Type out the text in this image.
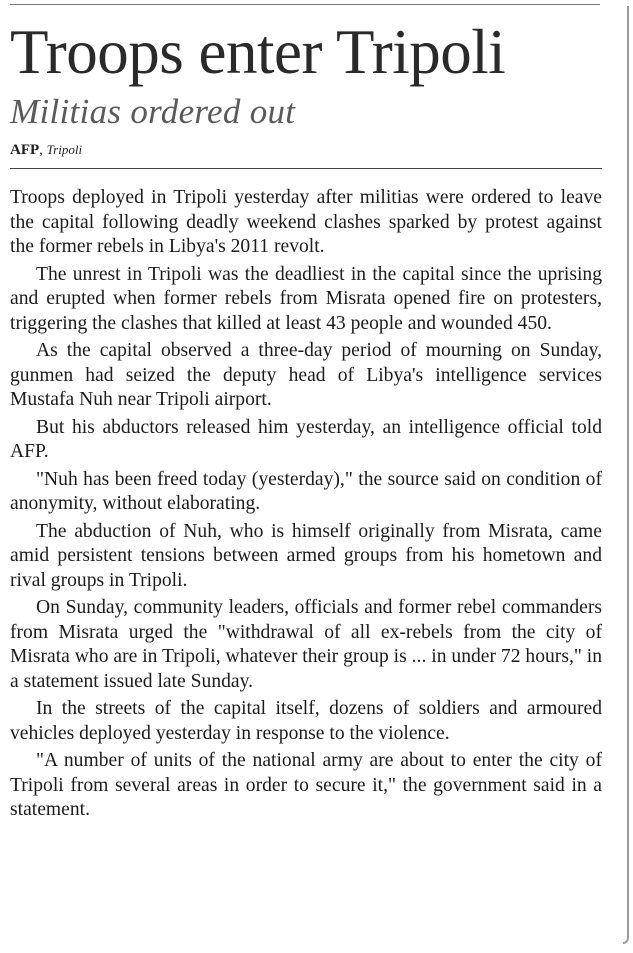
Troops enter Tripoli
Militias ordered out
AFP, Tripoli

Troops deployed in Tripoli yesterday after militias were ordered to leave the capital following deadly weekend clashes sparked by protest against the former rebels in Libya's 2011 revolt.

The unrest in Tripoli was the deadliest in the capital since the uprising and erupted when former rebels from Misrata opened fire on protesters, triggering the clashes that killed at least 43 people and wounded 450.

As the capital observed a three-day period of mourning on Sunday, gunmen had seized the deputy head of Libya's intelligence services Mustafa Nuh near Tripoli airport.

But his abductors released him yesterday, an intelligence official told AFP.

"Nuh has been freed today (yesterday)," the source said on condition of anonymity, without elaborating.

The abduction of Nuh, who is himself originally from Misrata, came amid persistent tensions between armed groups from his hometown and rival groups in Tripoli.

On Sunday, community leaders, officials and former rebel commanders from Misrata urged the "withdrawal of all ex-rebels from the city of Misrata who are in Tripoli, whatever their group is ... in under 72 hours," in a statement issued late Sunday.

In the streets of the capital itself, dozens of soldiers and armoured vehicles deployed yesterday in response to the violence.

"A number of units of the national army are about to enter the city of Tripoli from several areas in order to secure it," the government said in a statement.
